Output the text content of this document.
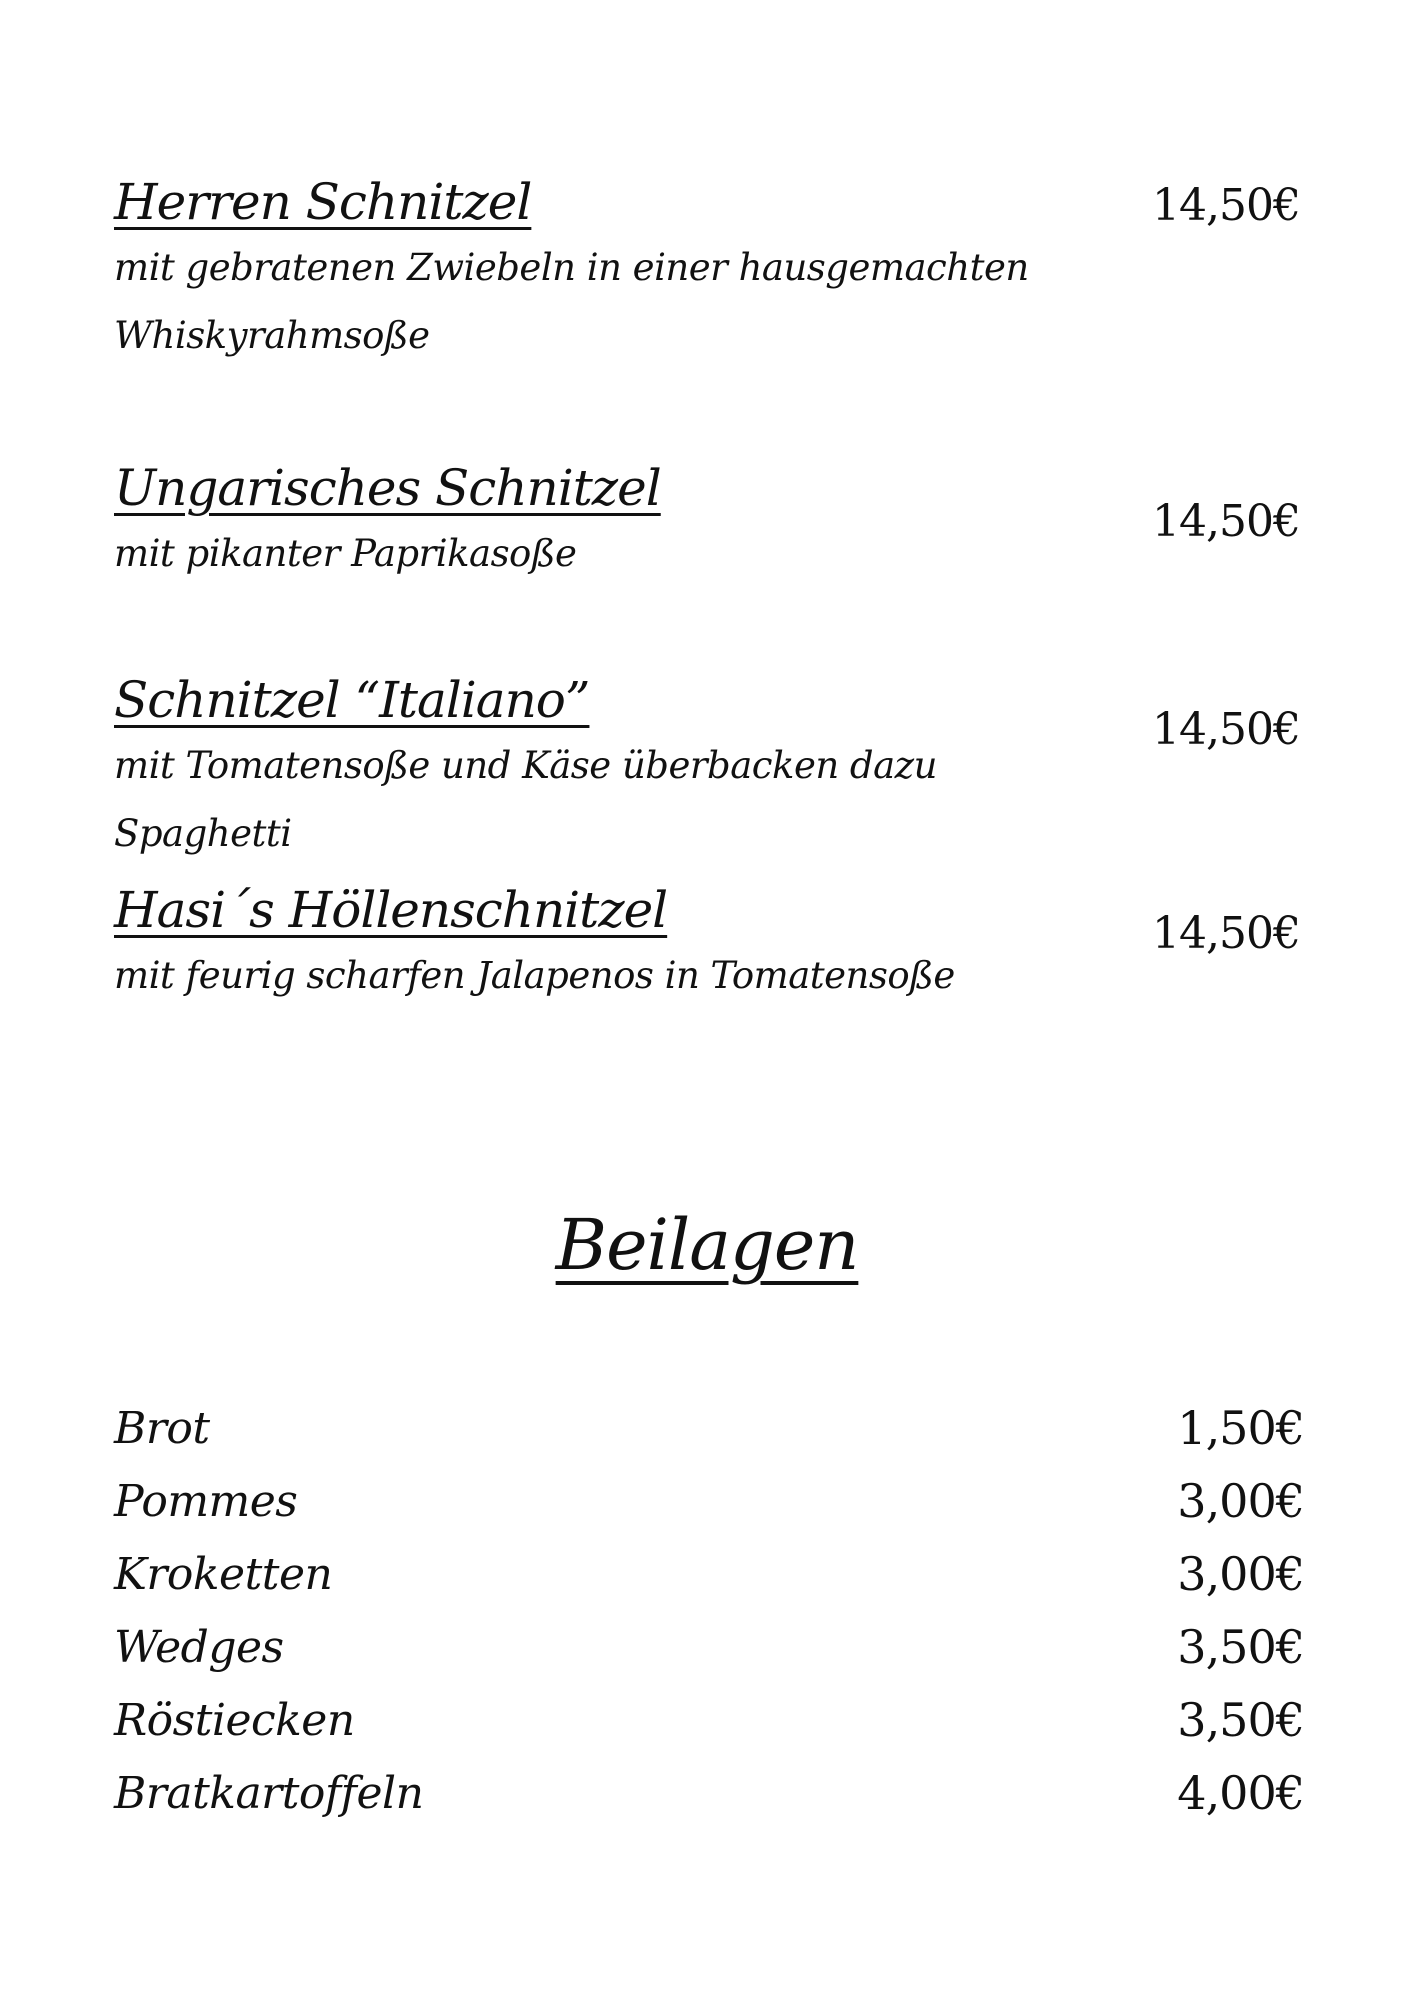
Herren Schnitzel
mit gebratenen Zwiebeln in einer hausgemachten Whiskyrahmsoße
14,50€
Ungarisches Schnitzel
mit pikanter Paprikasoße
14,50€
Schnitzel “Italiano”
mit Tomatensoße und Käse überbacken dazu Spaghetti
14,50€
Hasi´s Höllenschnitzel
mit feurig scharfen Jalapenos in Tomatensoße
14,50€
Beilagen
Brot	1,50€
Pommes	3,00€
Kroketten	3,00€
Wedges	3,50€
Röstiecken	3,50€
Bratkartoffeln	4,00€
